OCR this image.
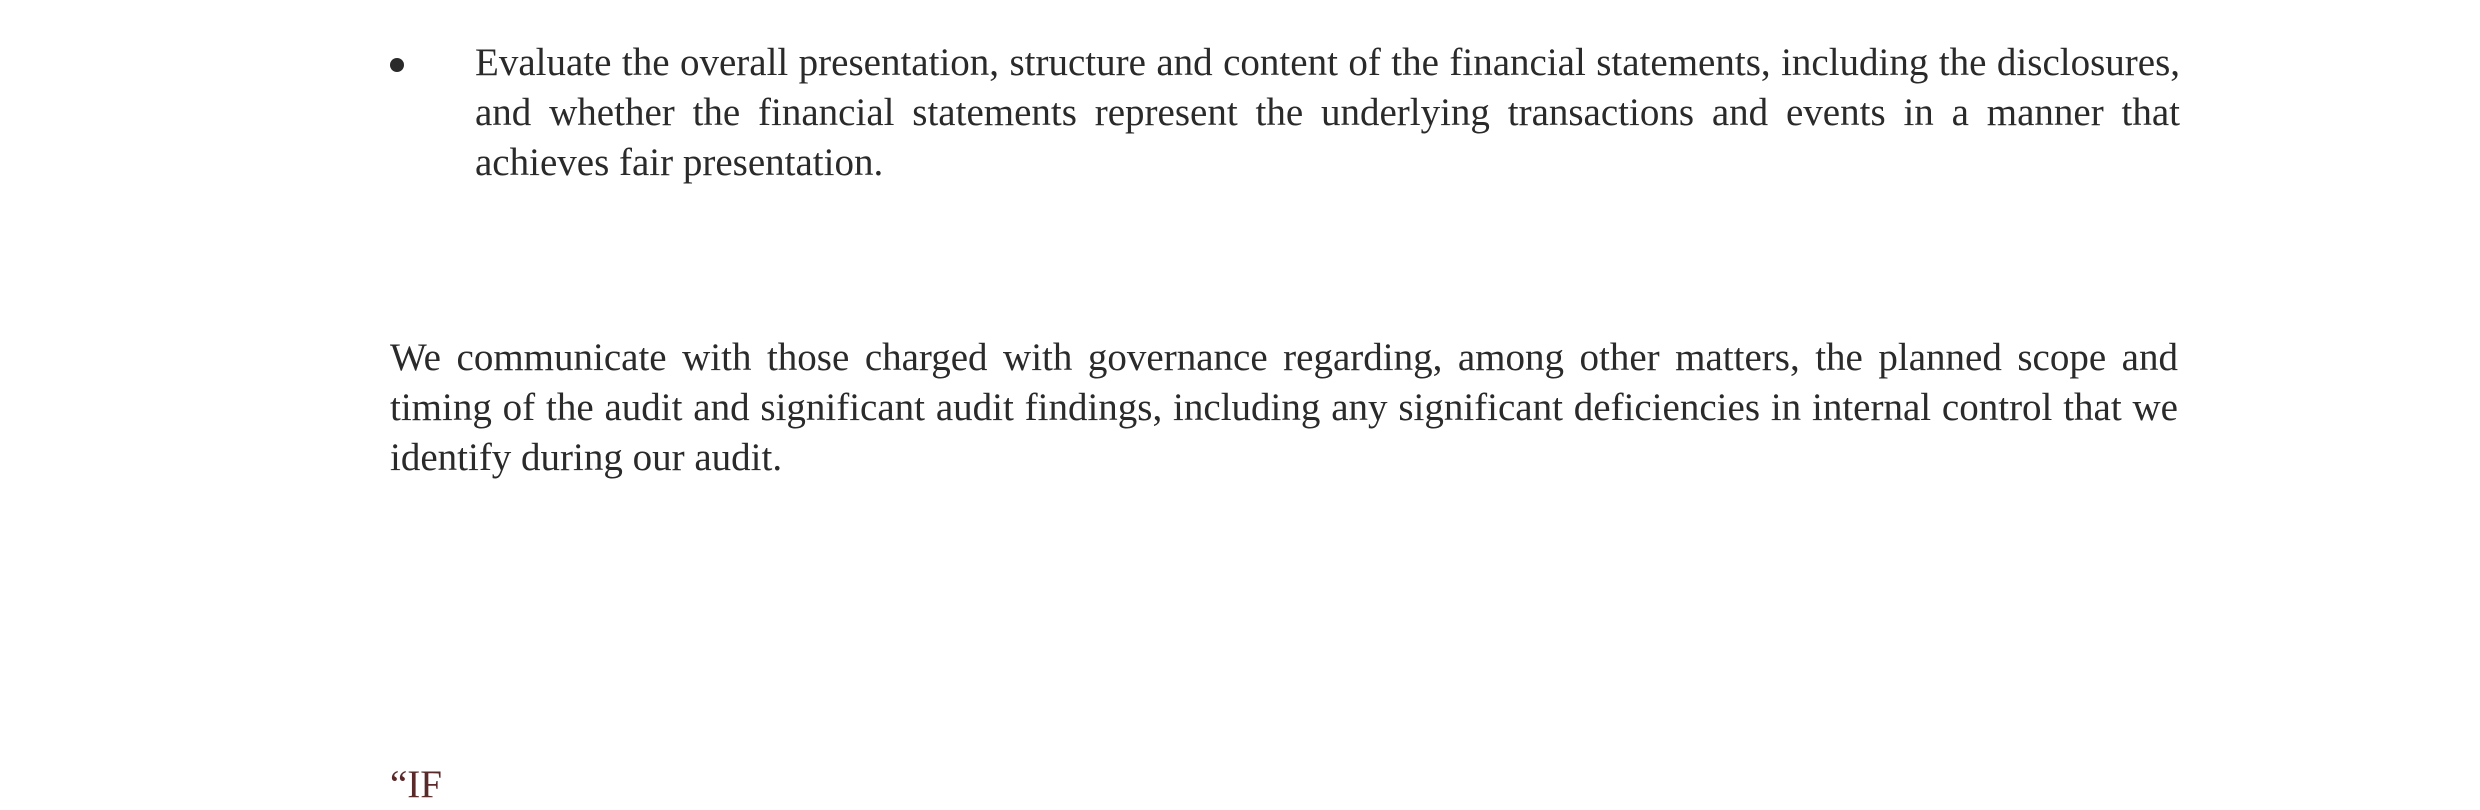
Evaluate the overall presentation, structure and content of the financial statements, including the disclosures, and whether the financial statements represent the underlying transactions and events in a manner that achieves fair presentation.

We communicate with those charged with governance regarding, among other matters, the planned scope and timing of the audit and significant audit findings, including any significant deficiencies in internal control that we identify during our audit.

“IF
